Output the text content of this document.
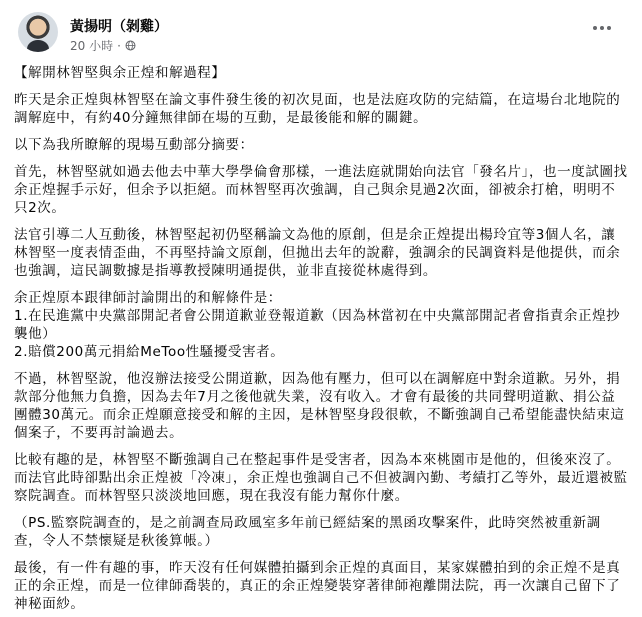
黃揚明（剝雞）
20 小時 ·

【解開林智堅與余正煌和解過程】

昨天是余正煌與林智堅在論文事件發生後的初次見面，也是法庭攻防的完結篇，在這場台北地院的調解庭中，有約40分鐘無律師在場的互動，是最後能和解的關鍵。

以下為我所瞭解的現場互動部分摘要：

首先，林智堅就如過去他去中華大學學倫會那樣，一進法庭就開始向法官「發名片」，也一度試圖找余正煌握手示好，但余予以拒絕。而林智堅再次強調，自己與余見過2次面，卻被余打槍，明明不只2次。

法官引導二人互動後，林智堅起初仍堅稱論文為他的原創，但是余正煌提出楊玲宜等3個人名，讓林智堅一度表情歪曲，不再堅持論文原創，但拋出去年的說辭，強調余的民調資料是他提供，而余也強調，這民調數據是指導教授陳明通提供，並非直接從林處得到。

余正煌原本跟律師討論開出的和解條件是：
1.在民進黨中央黨部開記者會公開道歉並登報道歉（因為林當初在中央黨部開記者會指責余正煌抄襲他）
2.賠償200萬元捐給MeToo性騷擾受害者。

不過，林智堅說，他沒辦法接受公開道歉，因為他有壓力，但可以在調解庭中對余道歉。另外，捐款部分他無力負擔，因為去年7月之後他就失業，沒有收入。才會有最後的共同聲明道歉、捐公益團體30萬元。而余正煌願意接受和解的主因，是林智堅身段很軟，不斷強調自己希望能盡快結束這個案子，不要再討論過去。

比較有趣的是，林智堅不斷強調自己在整起事件是受害者，因為本來桃園市是他的，但後來沒了。而法官此時卻點出余正煌被「冷凍」，余正煌也強調自己不但被調內勤、考績打乙等外，最近還被監察院調查。而林智堅只淡淡地回應，現在我沒有能力幫你什麼。

（PS.監察院調查的，是之前調查局政風室多年前已經結案的黑函攻擊案件，此時突然被重新調查，令人不禁懷疑是秋後算帳。）

最後，有一件有趣的事，昨天沒有任何媒體拍攝到余正煌的真面目，某家媒體拍到的余正煌不是真正的余正煌，而是一位律師喬裝的，真正的余正煌變裝穿著律師袍離開法院，再一次讓自己留下了神秘面紗。
